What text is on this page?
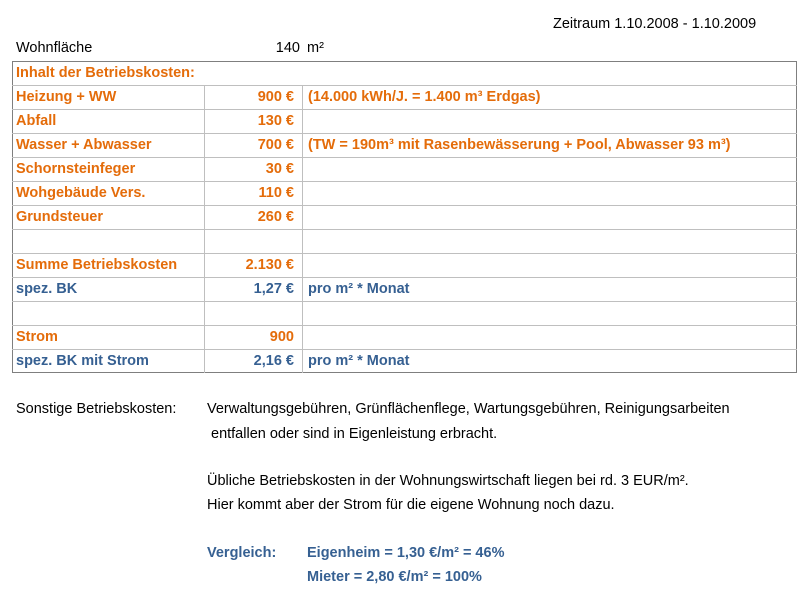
Zeitraum 1.10.2008 - 1.10.2009
Wohnfläche	140 m²
Inhalt der Betriebskosten:
Heizung + WW	900 € (14.000 kWh/J. = 1.400 m³ Erdgas)
Abfall	130 €
Wasser + Abwasser	700 € (TW = 190m³ mit Rasenbewässerung + Pool, Abwasser 93 m³)
Schornsteinfeger	30 €
Wohgebäude Vers.	110 €
Grundsteuer	260 €
Summe Betriebskosten	2.130 €
spez. BK	1,27 € pro m² * Monat
Strom	900
spez. BK mit Strom	2,16 € pro m² * Monat
Sonstige Betriebskosten: Verwaltungsgebühren, Grünflächenflege, Wartungsgebühren, Reinigungsarbeiten
entfallen oder sind in Eigenleistung erbracht.
Übliche Betriebskosten in der Wohnungswirtschaft liegen bei rd. 3 EUR/m².
Hier kommt aber der Strom für die eigene Wohnung noch dazu.
Vergleich: Eigenheim = 1,30 €/m² = 46%
Mieter = 2,80 €/m² = 100%
